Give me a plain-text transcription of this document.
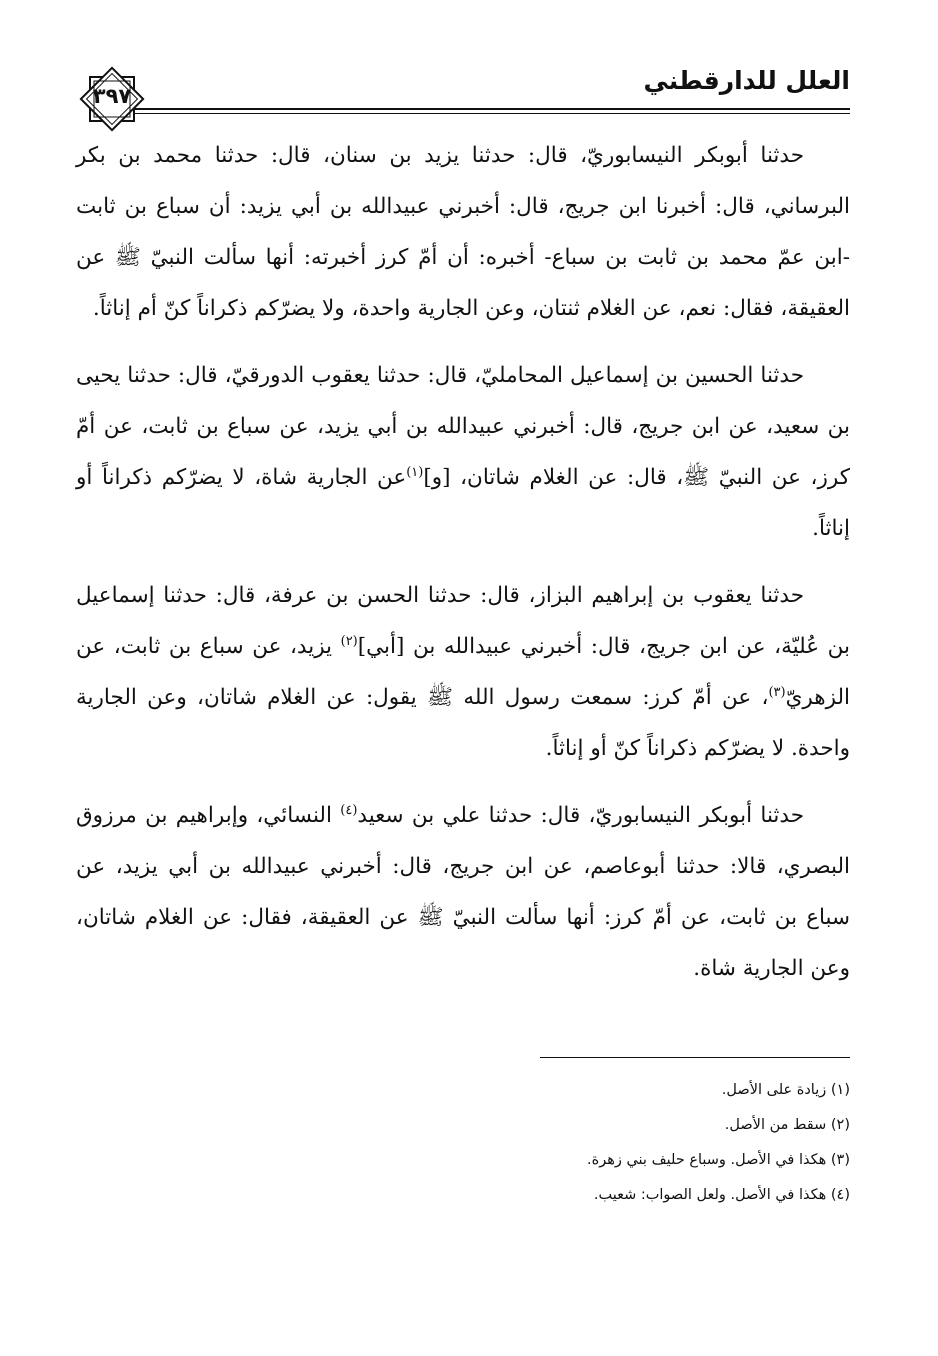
العلل للدارقطني
٣٩٧

حدثنا أبوبكر النيسابوريّ، قال: حدثنا يزيد بن سنان، قال: حدثنا محمد بن بكر البرساني، قال: أخبرنا ابن جريج، قال: أخبرني عبيدالله بن أبي يزيد: أن سباع بن ثابت -ابن عمّ محمد بن ثابت بن سباع- أخبره: أن أمّ كرز أخبرته: أنها سألت النبيّ ﷺ عن العقيقة، فقال: نعم، عن الغلام ثنتان، وعن الجارية واحدة، ولا يضرّكم ذكراناً كنّ أم إناثاً.

حدثنا الحسين بن إسماعيل المحامليّ، قال: حدثنا يعقوب الدورقيّ، قال: حدثنا يحيى بن سعيد، عن ابن جريج، قال: أخبرني عبيدالله بن أبي يزيد، عن سباع بن ثابت، عن أمّ كرز، عن النبيّ ﷺ، قال: عن الغلام شاتان، [و]$^{(١)}$عن الجارية شاة، لا يضرّكم ذكراناً أو إناثاً.

حدثنا يعقوب بن إبراهيم البزاز، قال: حدثنا الحسن بن عرفة، قال: حدثنا إسماعيل بن عُليّة، عن ابن جريج، قال: أخبرني عبيدالله بن [أبي]$^{(٢)}$ يزيد، عن سباع بن ثابت، عن الزهريّ$^{(٣)}$، عن أمّ كرز: سمعت رسول الله ﷺ يقول: عن الغلام شاتان، وعن الجارية واحدة. لا يضرّكم ذكراناً كنّ أو إناثاً.

حدثنا أبوبكر النيسابوريّ، قال: حدثنا علي بن سعيد$^{(٤)}$ النسائي، وإبراهيم بن مرزوق البصري، قالا: حدثنا أبوعاصم، عن ابن جريج، قال: أخبرني عبيدالله بن أبي يزيد، عن سباع بن ثابت، عن أمّ كرز: أنها سألت النبيّ ﷺ عن العقيقة، فقال: عن الغلام شاتان، وعن الجارية شاة.

(١) زيادة على الأصل.
(٢) سقط من الأصل.
(٣) هكذا في الأصل. وسباع حليف بني زهرة.
(٤) هكذا في الأصل. ولعل الصواب: شعيب.
